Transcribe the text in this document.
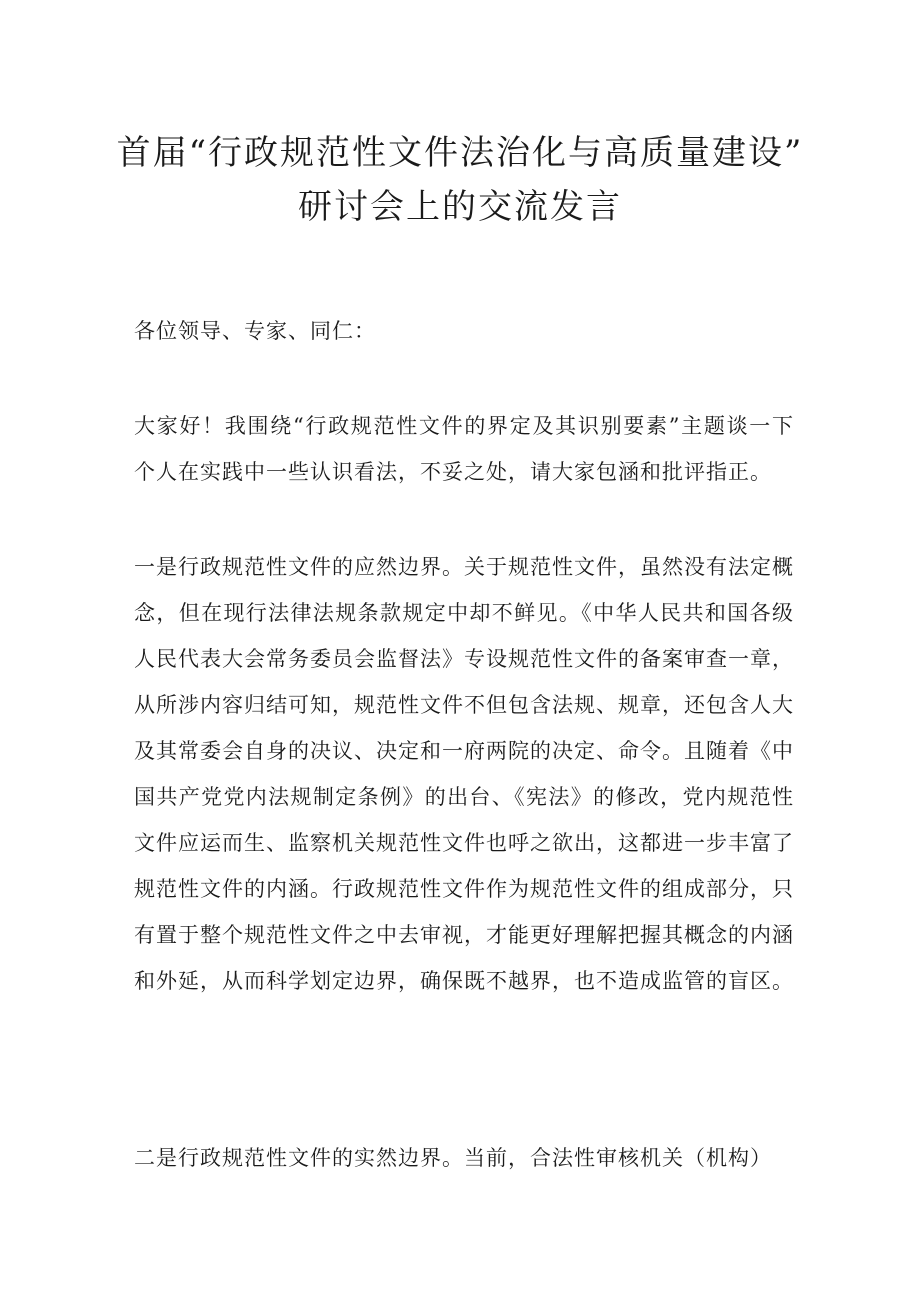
首届“行政规范性文件法治化与高质量建设”
研讨会上的交流发言

各位领导、专家、同仁：

大家好！我围绕“行政规范性文件的界定及其识别要素”主题谈一下个人在实践中一些认识看法，不妥之处，请大家包涵和批评指正。

一是行政规范性文件的应然边界。关于规范性文件，虽然没有法定概念，但在现行法律法规条款规定中却不鲜见。《中华人民共和国各级人民代表大会常务委员会监督法》专设规范性文件的备案审查一章，从所涉内容归结可知，规范性文件不但包含法规、规章，还包含人大及其常委会自身的决议、决定和一府两院的决定、命令。且随着《中国共产党党内法规制定条例》的出台、《宪法》的修改，党内规范性文件应运而生、监察机关规范性文件也呼之欲出，这都进一步丰富了规范性文件的内涵。行政规范性文件作为规范性文件的组成部分，只有置于整个规范性文件之中去审视，才能更好理解把握其概念的内涵和外延，从而科学划定边界，确保既不越界，也不造成监管的盲区。

二是行政规范性文件的实然边界。当前，合法性审核机关（机构）
